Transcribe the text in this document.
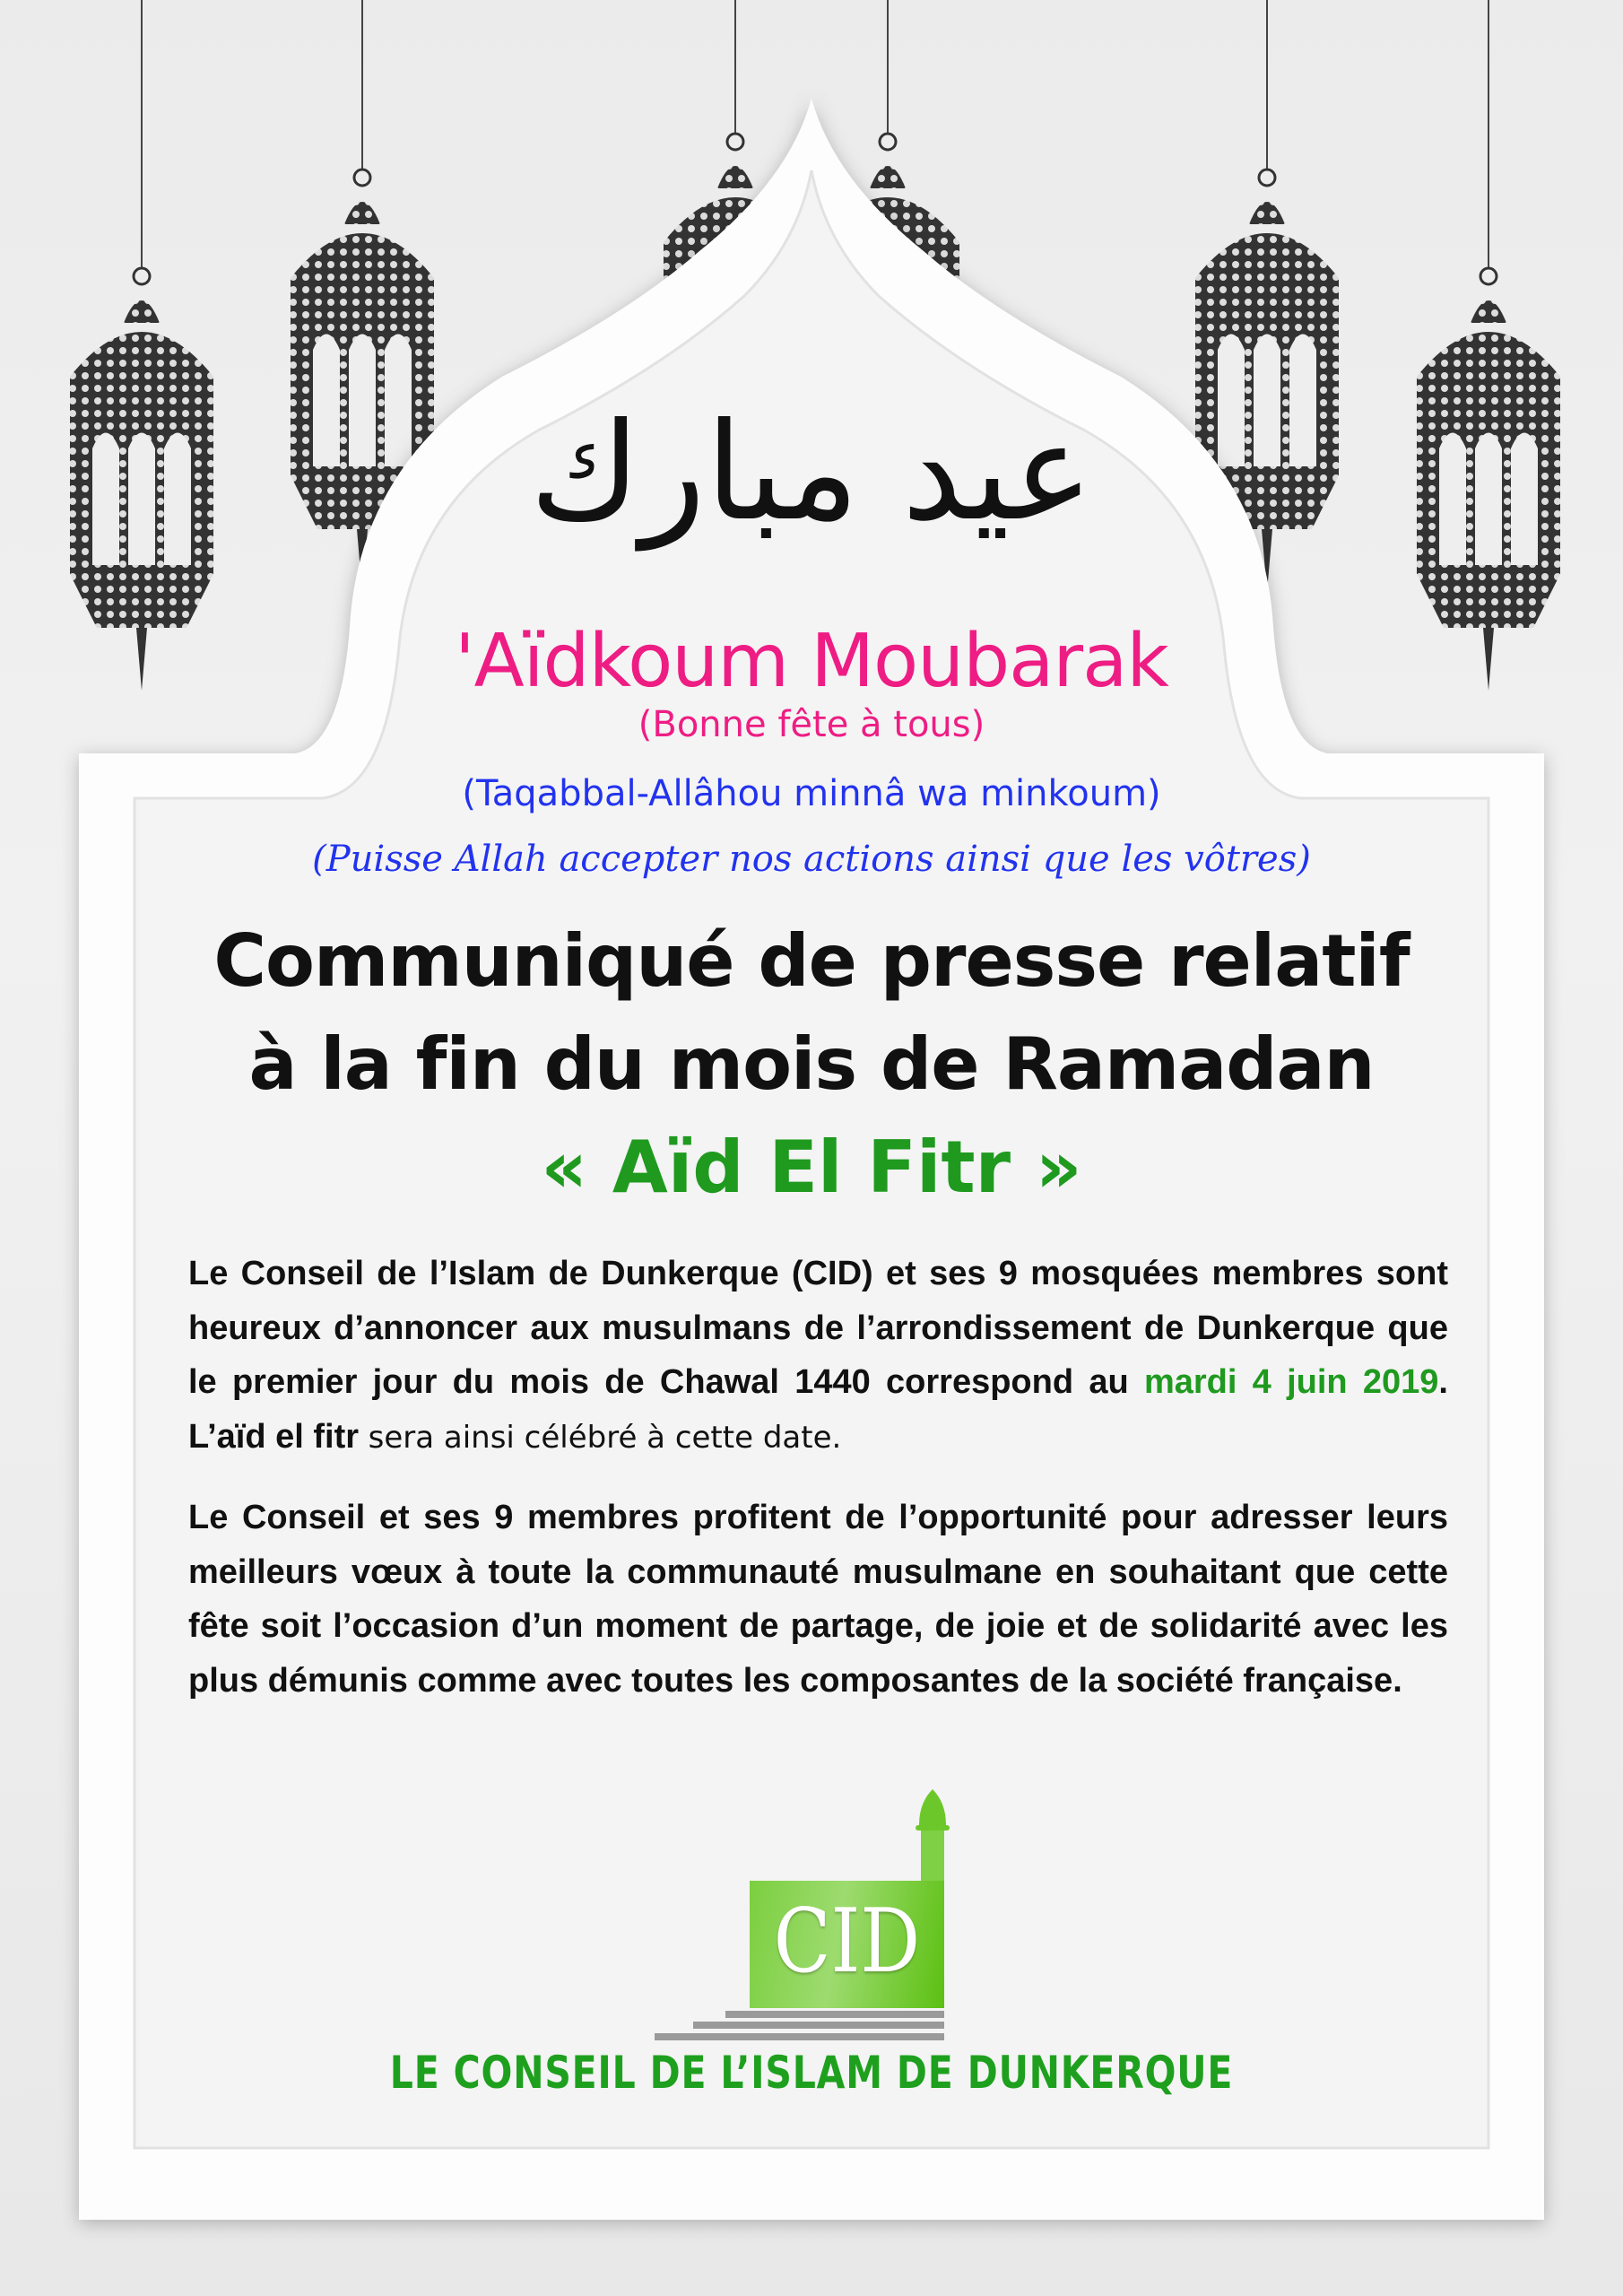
عيد مبارك
'Aïdkoum Moubarak
(Bonne fête à tous)
(Taqabbal-Allâhou minnâ wa minkoum)
(Puisse Allah accepter nos actions ainsi que les vôtres)
Communiqué de presse relatif
à la fin du mois de Ramadan
« Aïd El Fitr »
Le Conseil de l’Islam de Dunkerque (CID) et ses 9 mosquées membres sont heureux d’annoncer aux musulmans de l’arrondissement de Dunkerque que le premier jour du mois de Chawal 1440 correspond au mardi 4 juin 2019. L’aïd el fitr sera ainsi célébré à cette date.
Le Conseil et ses 9 membres profitent de l’opportunité pour adresser leurs meilleurs vœux à toute la communauté musulmane en souhaitant que cette fête soit l’occasion d’un moment de partage, de joie et de solidarité avec les plus démunis comme avec toutes les composantes de la société française.
CID
LE CONSEIL DE L’ISLAM DE DUNKERQUE
